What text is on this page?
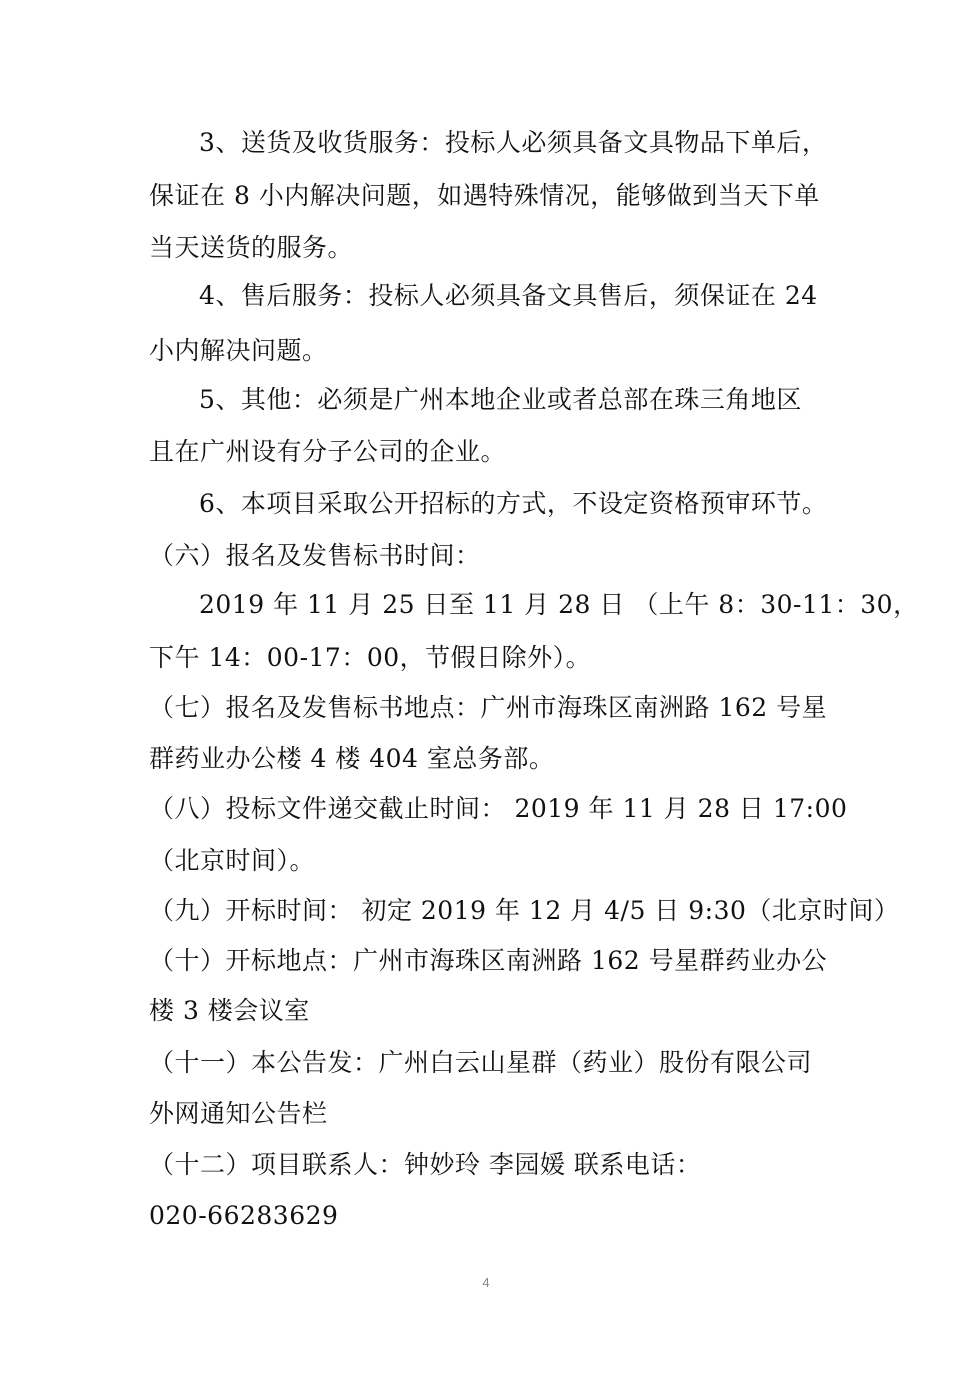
3、送货及收货服务：投标人必须具备文具物品下单后，
保证在 8 小内解决问题，如遇特殊情况，能够做到当天下单
当天送货的服务。
4、售后服务：投标人必须具备文具售后，须保证在 24
小内解决问题。
5、其他：必须是广州本地企业或者总部在珠三角地区
且在广州设有分子公司的企业。
6、本项目采取公开招标的方式，不设定资格预审环节。
（六）报名及发售标书时间：
2019 年 11 月 25 日至 11 月 28 日 （上午 8：30-11：30，
下午 14：00-17：00，节假日除外）。
（七）报名及发售标书地点：广州市海珠区南洲路 162 号星
群药业办公楼 4 楼 404 室总务部。
（八）投标文件递交截止时间： 2019 年 11 月 28 日 17:00
（北京时间）。
（九）开标时间： 初定 2019 年 12 月 4/5 日 9:30（北京时间）
（十）开标地点：广州市海珠区南洲路 162 号星群药业办公
楼 3 楼会议室
（十一）本公告发：广州白云山星群（药业）股份有限公司
外网通知公告栏
（十二）项目联系人：钟妙玲 李园媛 联系电话：
020-66283629
4
